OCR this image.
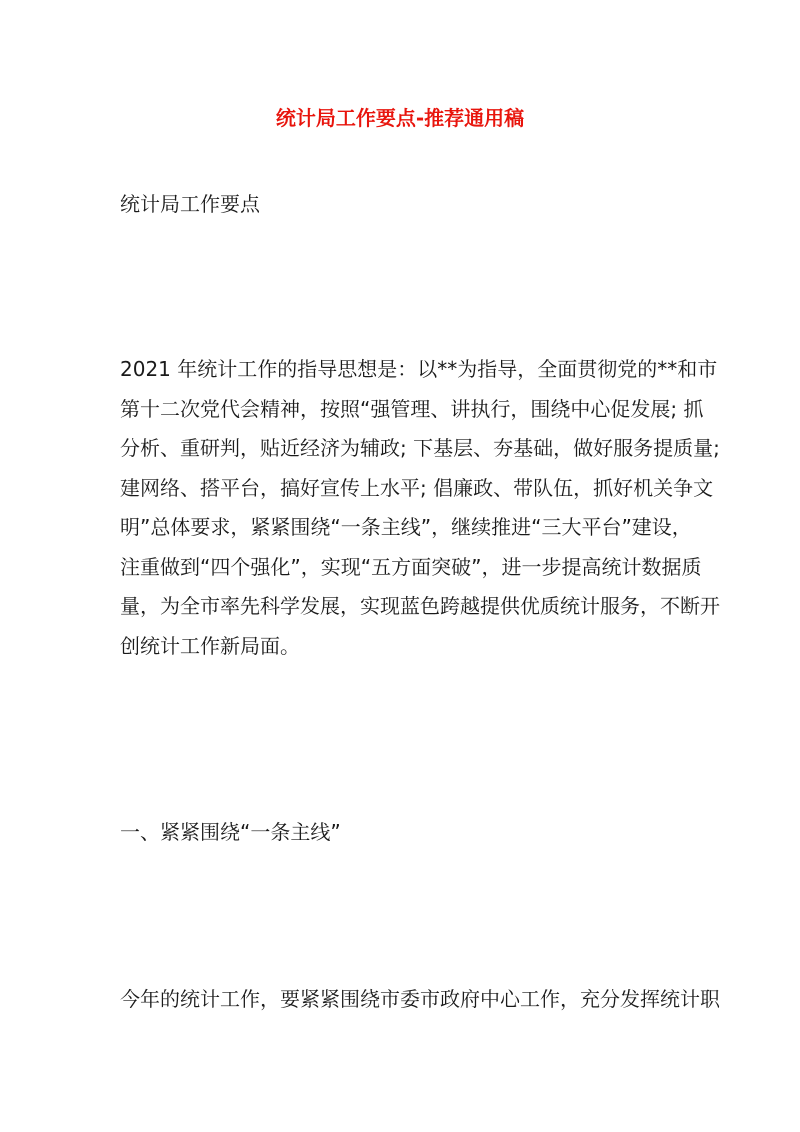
统计局工作要点-推荐通用稿

统计局工作要点

2021 年统计工作的指导思想是：以**为指导，全面贯彻党的**和市
第十二次党代会精神，按照“强管理、讲执行，围绕中心促发展; 抓
分析、重研判，贴近经济为辅政; 下基层、夯基础，做好服务提质量;
建网络、搭平台，搞好宣传上水平; 倡廉政、带队伍，抓好机关争文
明”总体要求，紧紧围绕“一条主线”，继续推进“三大平台”建设，
注重做到“四个强化”，实现“五方面突破”，进一步提高统计数据质
量，为全市率先科学发展，实现蓝色跨越提供优质统计服务，不断开
创统计工作新局面。

一、紧紧围绕“一条主线”

今年的统计工作，要紧紧围绕市委市政府中心工作，充分发挥统计职
